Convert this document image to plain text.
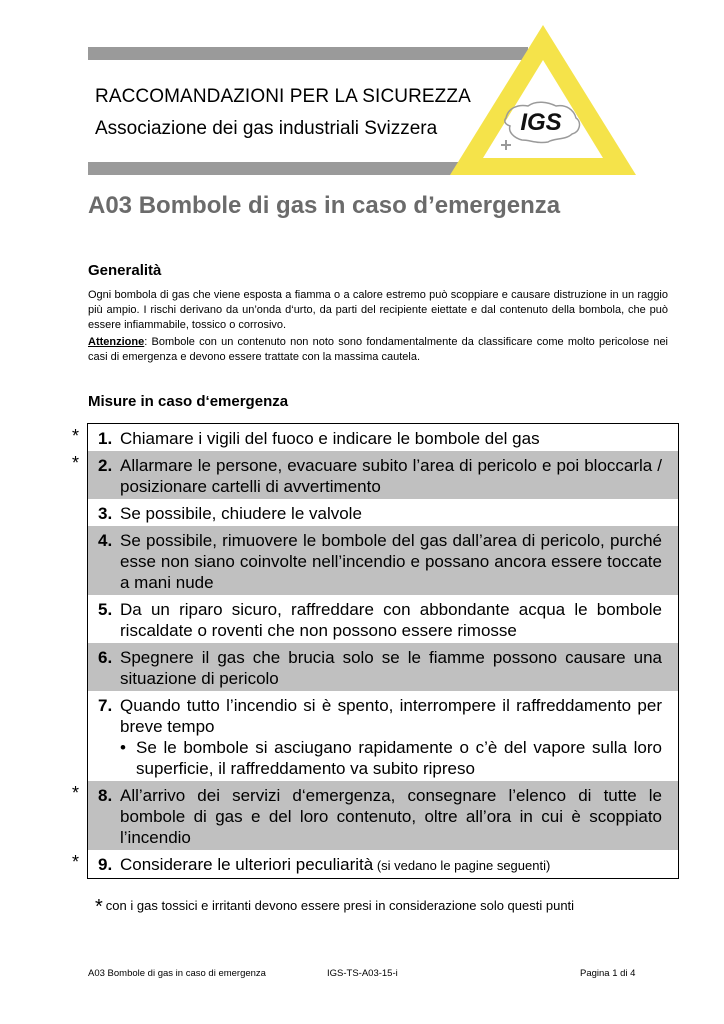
IGS
RACCOMANDAZIONI PER LA SICUREZZA
Associazione dei gas industriali Svizzera
A03 Bombole di gas in caso d’emergenza
Generalità
Ogni bombola di gas che viene esposta a fiamma o a calore estremo può scoppiare e causare distruzione in un raggio più ampio. I rischi derivano da un’onda d‘urto, da parti del recipiente eiettate e dal contenuto della bombola, che può essere infiammabile, tossico o corrosivo.
Attenzione: Bombole con un contenuto non noto sono fondamentalmente da classificare come molto pericolose nei casi di emergenza e devono essere trattate con la massima cautela.
Misure in caso d‘emergenza
1. Chiamare i vigili del fuoco e indicare le bombole del gas
2. Allarmare le persone, evacuare subito l’area di pericolo e poi bloccarla / posizionare cartelli di avvertimento
3. Se possibile, chiudere le valvole
4. Se possibile, rimuovere le bombole del gas dall’area di pericolo, purché esse non siano coinvolte nell’incendio e possano ancora essere toccate a mani nude
5. Da un riparo sicuro, raffreddare con abbondante acqua le bombole riscaldate o roventi che non possono essere rimosse
6. Spegnere il gas che brucia solo se le fiamme possono causare una situazione di pericolo
7. Quando tutto l’incendio si è spento, interrompere il raffreddamento per breve tempo
• Se le bombole si asciugano rapidamente o c’è del vapore sulla loro superficie, il raffreddamento va subito ripreso
8. All’arrivo dei servizi d‘emergenza, consegnare l’elenco di tutte le bombole di gas e del loro contenuto, oltre all’ora in cui è scoppiato l’incendio
9. Considerare le ulteriori peculiarità (si vedano le pagine seguenti)
*
*
*
*
* con i gas tossici e irritanti devono essere presi in considerazione solo questi punti
A03 Bombole di gas in caso di emergenza	IGS-TS-A03-15-i	Pagina 1 di 4
